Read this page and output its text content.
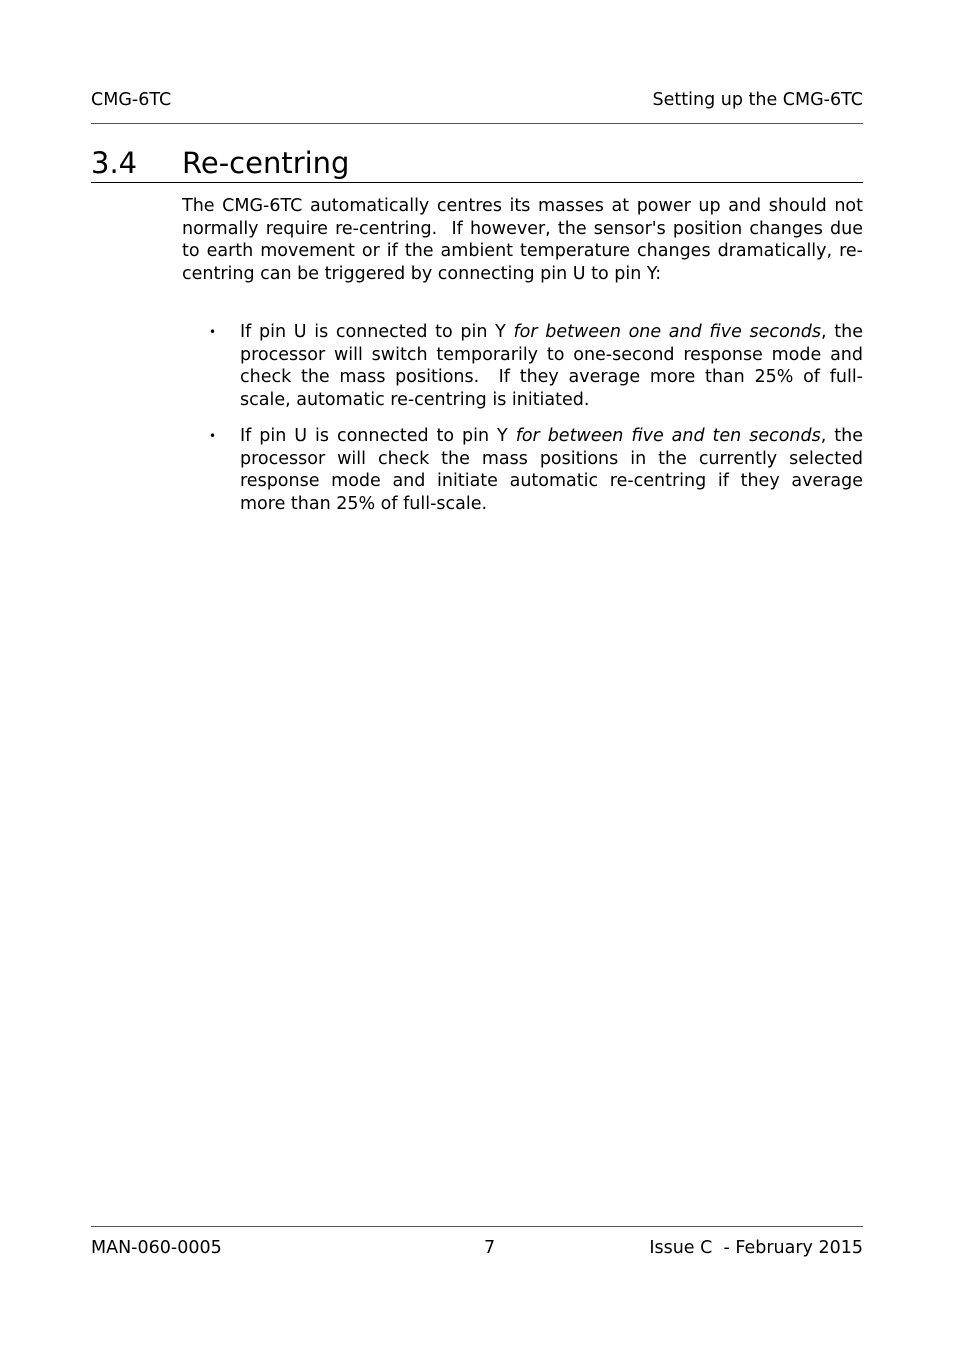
CMG-6TC	Setting up the CMG-6TC
3.4 Re-centring

The CMG-6TC automatically centres its masses at power up and should not normally require re-centring.  If however, the sensor's position changes due to earth movement or if the ambient temperature changes dramatically, re-centring can be triggered by connecting pin U to pin Y:

• If pin U is connected to pin Y for between one and five seconds, the processor will switch temporarily to one-second response mode and check the mass positions.  If they average more than 25% of full-scale, automatic re-centring is initiated.
• If pin U is connected to pin Y for between five and ten seconds, the processor will check the mass positions in the currently selected response mode and initiate automatic re-centring if they average more than 25% of full-scale.
MAN-060-0005	7	Issue C  - February 2015
